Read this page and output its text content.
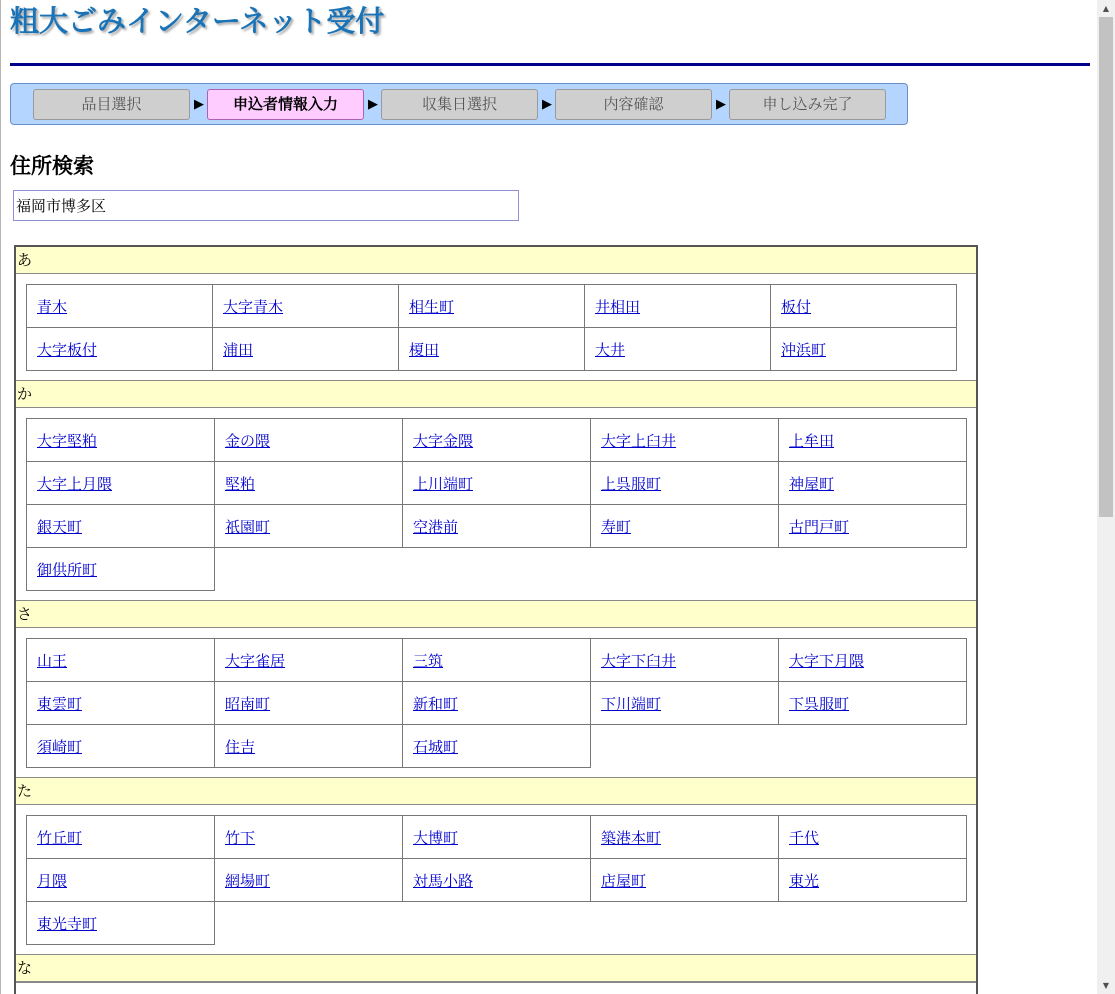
粗大ごみインターネット受付
品目選択	▶	申込者情報入力	▶	収集日選択	▶	内容確認	▶	申し込み完了
住所検索
福岡市博多区
あ
青木	大字青木	相生町	井相田	板付
大字板付	浦田	榎田	大井	沖浜町
か
大字堅粕	金の隈	大字金隈	大字上臼井	上牟田
大字上月隈	堅粕	上川端町	上呉服町	神屋町
銀天町	祇園町	空港前	寿町	古門戸町
御供所町
さ
山王	大字雀居	三筑	大字下臼井	大字下月隈
東雲町	昭南町	新和町	下川端町	下呉服町
須崎町	住吉	石城町
た
竹丘町	竹下	大博町	築港本町	千代
月隈	網場町	対馬小路	店屋町	東光
東光寺町
な
▲
▼
